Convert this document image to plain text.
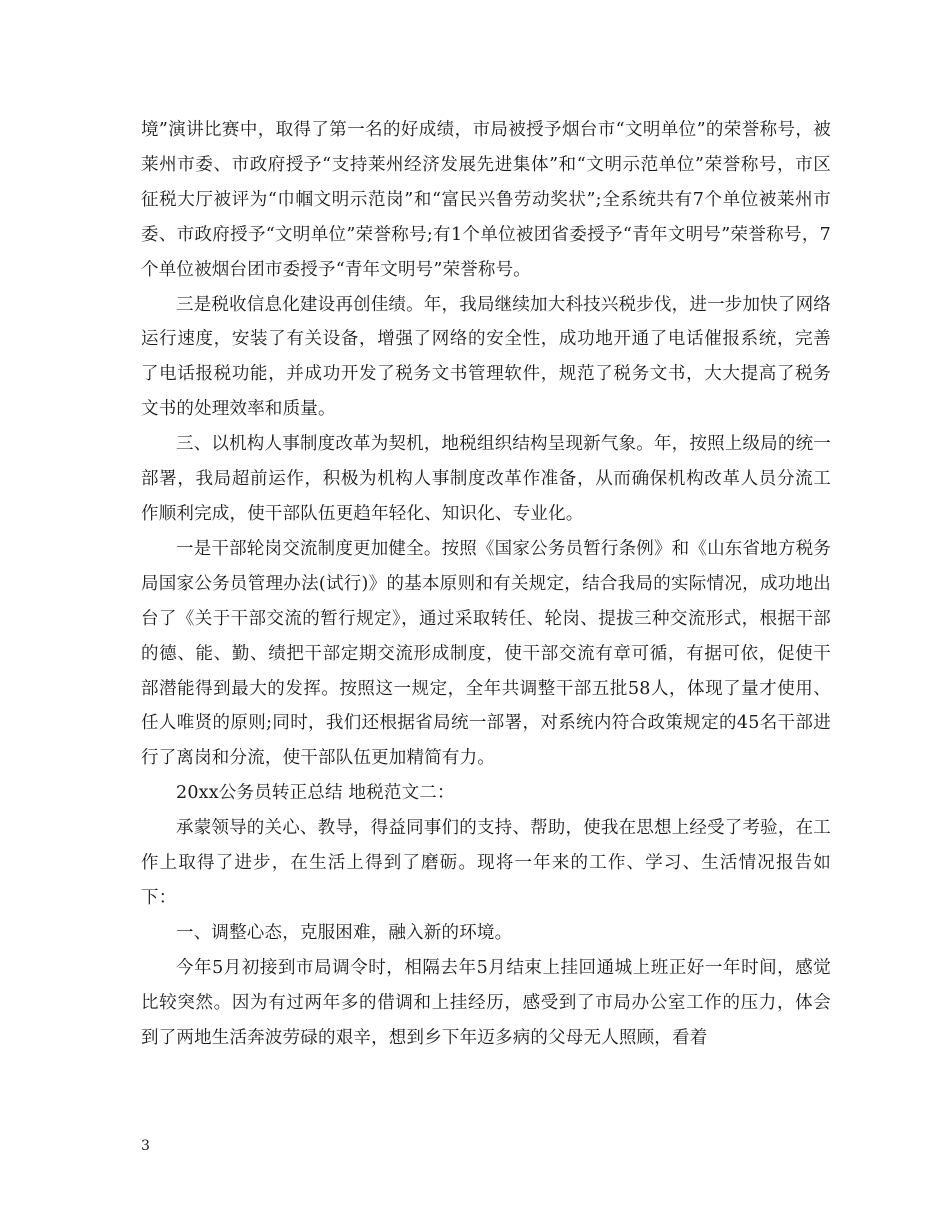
境”演讲比赛中，取得了第一名的好成绩，市局被授予烟台市“文明单位”的荣誉称号，被莱州市委、市政府授予“支持莱州经济发展先进集体”和“文明示范单位”荣誉称号，市区征税大厅被评为“巾帼文明示范岗”和“富民兴鲁劳动奖状”;全系统共有7个单位被莱州市委、市政府授予“文明单位”荣誉称号;有1个单位被团省委授予“青年文明号”荣誉称号，7个单位被烟台团市委授予“青年文明号”荣誉称号。

三是税收信息化建设再创佳绩。年，我局继续加大科技兴税步伐，进一步加快了网络运行速度，安装了有关设备，增强了网络的安全性，成功地开通了电话催报系统，完善了电话报税功能，并成功开发了税务文书管理软件，规范了税务文书，大大提高了税务文书的处理效率和质量。

三、以机构人事制度改革为契机，地税组织结构呈现新气象。年，按照上级局的统一部署，我局超前运作，积极为机构人事制度改革作准备，从而确保机构改革人员分流工作顺利完成，使干部队伍更趋年轻化、知识化、专业化。

一是干部轮岗交流制度更加健全。按照《国家公务员暂行条例》和《山东省地方税务局国家公务员管理办法(试行)》的基本原则和有关规定，结合我局的实际情况，成功地出台了《关于干部交流的暂行规定》，通过采取转任、轮岗、提拔三种交流形式，根据干部的德、能、勤、绩把干部定期交流形成制度，使干部交流有章可循，有据可依，促使干部潜能得到最大的发挥。按照这一规定，全年共调整干部五批58人，体现了量才使用、任人唯贤的原则;同时，我们还根据省局统一部署，对系统内符合政策规定的45名干部进行了离岗和分流，使干部队伍更加精简有力。

20xx公务员转正总结 地税范文二：

承蒙领导的关心、教导，得益同事们的支持、帮助，使我在思想上经受了考验，在工作上取得了进步，在生活上得到了磨砺。现将一年来的工作、学习、生活情况报告如下：

一、调整心态，克服困难，融入新的环境。

今年5月初接到市局调令时，相隔去年5月结束上挂回通城上班正好一年时间，感觉比较突然。因为有过两年多的借调和上挂经历，感受到了市局办公室工作的压力，体会到了两地生活奔波劳碌的艰辛，想到乡下年迈多病的父母无人照顾，看着

3
